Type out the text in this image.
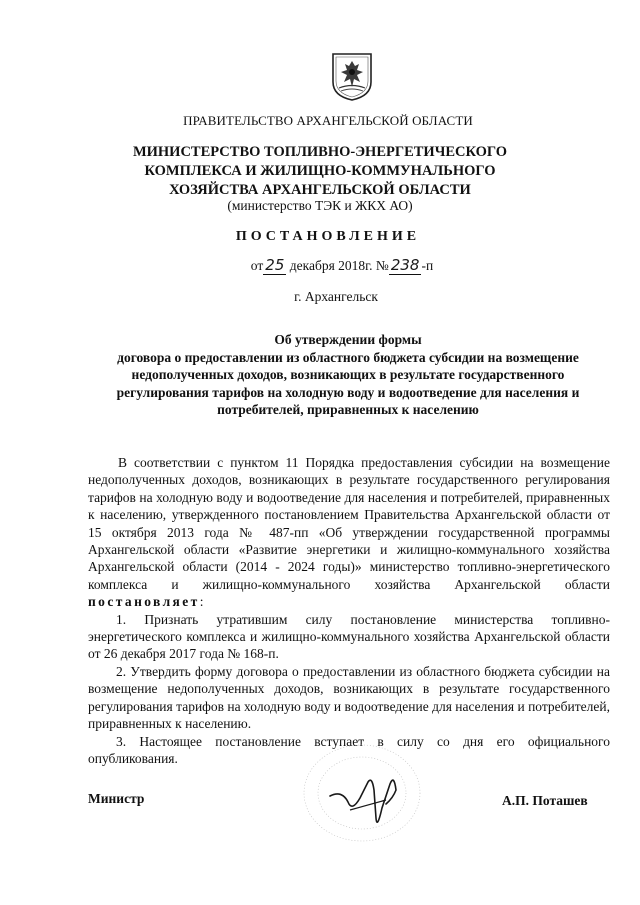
ПРАВИТЕЛЬСТВО АРХАНГЕЛЬСКОЙ ОБЛАСТИ
МИНИСТЕРСТВО ТОПЛИВНО-ЭНЕРГЕТИЧЕСКОГО
КОМПЛЕКСА И ЖИЛИЩНО-КОММУНАЛЬНОГО
ХОЗЯЙСТВА АРХАНГЕЛЬСКОЙ ОБЛАСТИ
(министерство ТЭК и ЖКХ АО)
ПОСТАНОВЛЕНИЕ
от 25 декабря 2018г. № 238 -п
г. Архангельск
Об утверждении формы
договора о предоставлении из областного бюджета субсидии на возмещение
недополученных доходов, возникающих в результате государственного
регулирования тарифов на холодную воду и водоотведение для населения и
потребителей, приравненных к населению

В соответствии с пунктом 11 Порядка предоставления субсидии на возмещение недополученных доходов, возникающих в результате государственного регулирования тарифов на холодную воду и водоотведение для населения и потребителей, приравненных к населению, утвержденного постановлением Правительства Архангельской области от 15 октября 2013 года № 487-пп «Об утверждении государственной программы Архангельской области «Развитие энергетики и жилищно-коммунального хозяйства Архангельской области (2014 - 2024 годы)» министерство топливно-энергетического комплекса и жилищно-коммунального хозяйства Архангельской области постановляет:

1. Признать утратившим силу постановление министерства топливно-энергетического комплекса и жилищно-коммунального хозяйства Архангельской области от 26 декабря 2017 года № 168-п.

2. Утвердить форму договора о предоставлении из областного бюджета субсидии на возмещение недополученных доходов, возникающих в результате государственного регулирования тарифов на холодную воду и водоотведение для населения и потребителей, приравненных к населению.

3. Настоящее постановление вступает в силу со дня его официального опубликования.

Министр	А.П. Поташев
